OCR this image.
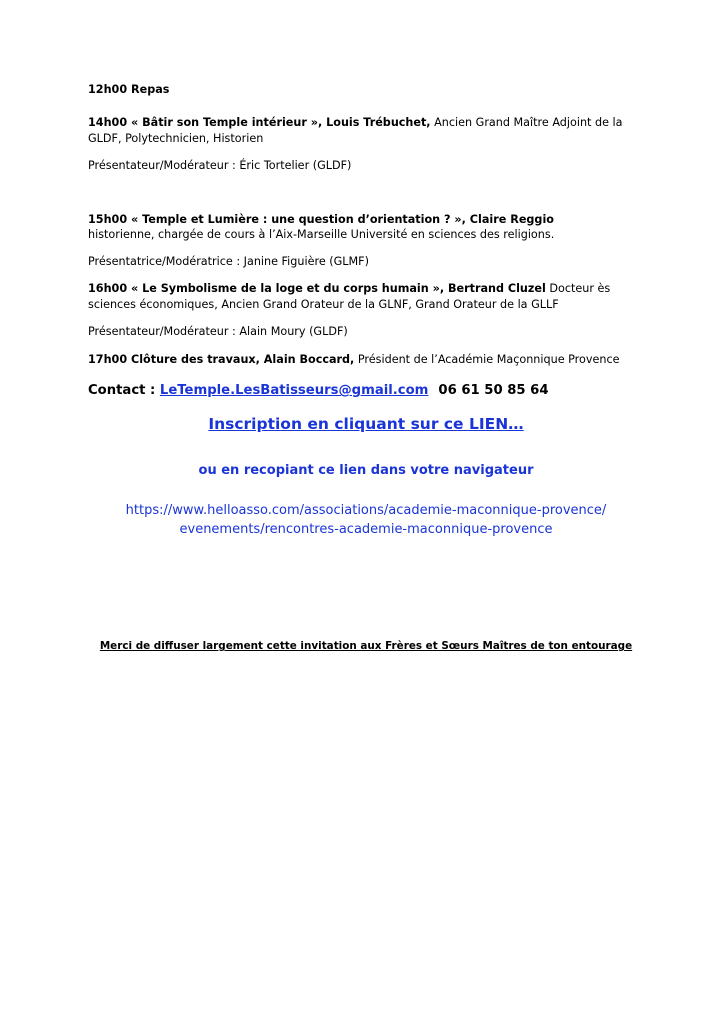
12h00 Repas

14h00 « Bâtir son Temple intérieur », Louis Trébuchet, Ancien Grand Maître Adjoint de la GLDF, Polytechnicien, Historien

Présentateur/Modérateur : Éric Tortelier (GLDF)

15h00 « Temple et Lumière : une question d’orientation ? », Claire Reggio
historienne, chargée de cours à l’Aix-Marseille Université en sciences des religions.

Présentatrice/Modératrice : Janine Figuière (GLMF)

16h00 « Le Symbolisme de la loge et du corps humain », Bertrand Cluzel Docteur ès sciences économiques, Ancien Grand Orateur de la GLNF, Grand Orateur de la GLLF

Présentateur/Modérateur : Alain Moury (GLDF)

17h00 Clôture des travaux, Alain Boccard, Président de l’Académie Maçonnique Provence

Contact : LeTemple.LesBatisseurs@gmail.com 06 61 50 85 64

Inscription en cliquant sur ce LIEN…

ou en recopiant ce lien dans votre navigateur

https://www.helloasso.com/associations/academie-maconnique-provence/
evenements/rencontres-academie-maconnique-provence

Merci de diffuser largement cette invitation aux Frères et Sœurs Maîtres de ton entourage
